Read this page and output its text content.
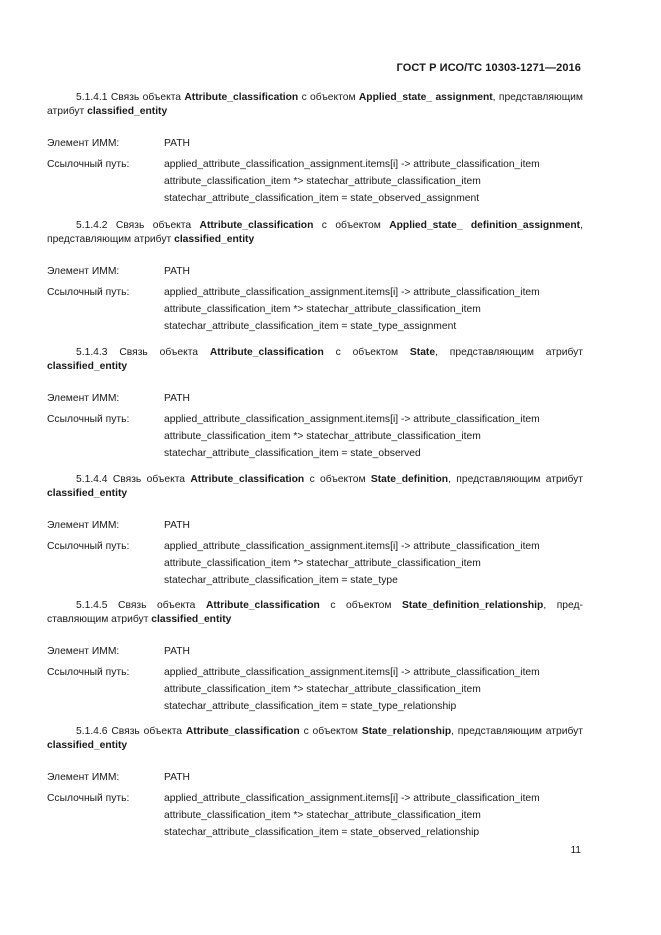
ГОСТ Р ИСО/ТС 10303-1271—2016

5.1.4.1 Связь объекта Attribute_classification с объектом Applied_state_ assignment, представляющим атрибут classified_entity

Элемент ИММ:	PATH
Ссылочный путь:	applied_attribute_classification_assignment.items[i] -> attribute_classification_item
attribute_classification_item *> statechar_attribute_classification_item
statechar_attribute_classification_item = state_observed_assignment

5.1.4.2 Связь объекта Attribute_classification с объектом Applied_state_ definition_assignment, представляющим атрибут classified_entity

Элемент ИММ:	PATH
Ссылочный путь:	applied_attribute_classification_assignment.items[i] -> attribute_classification_item
attribute_classification_item *> statechar_attribute_classification_item
statechar_attribute_classification_item = state_type_assignment

5.1.4.3 Связь объекта Attribute_classification с объектом State, представляющим атрибут classified_entity

Элемент ИММ:	PATH
Ссылочный путь:	applied_attribute_classification_assignment.items[i] -> attribute_classification_item
attribute_classification_item *> statechar_attribute_classification_item
statechar_attribute_classification_item = state_observed

5.1.4.4 Связь объекта Attribute_classification с объектом State_definition, представляющим атрибут classified_entity

Элемент ИММ:	PATH
Ссылочный путь:	applied_attribute_classification_assignment.items[i] -> attribute_classification_item
attribute_classification_item *> statechar_attribute_classification_item
statechar_attribute_classification_item = state_type

5.1.4.5 Связь объекта Attribute_classification с объектом State_definition_relationship, представляющим атрибут classified_entity

Элемент ИММ:	PATH
Ссылочный путь:	applied_attribute_classification_assignment.items[i] -> attribute_classification_item
attribute_classification_item *> statechar_attribute_classification_item
statechar_attribute_classification_item = state_type_relationship

5.1.4.6 Связь объекта Attribute_classification с объектом State_relationship, представляющим атрибут classified_entity

Элемент ИММ:	PATH
Ссылочный путь:	applied_attribute_classification_assignment.items[i] -> attribute_classification_item
attribute_classification_item *> statechar_attribute_classification_item
statechar_attribute_classification_item = state_observed_relationship
11
